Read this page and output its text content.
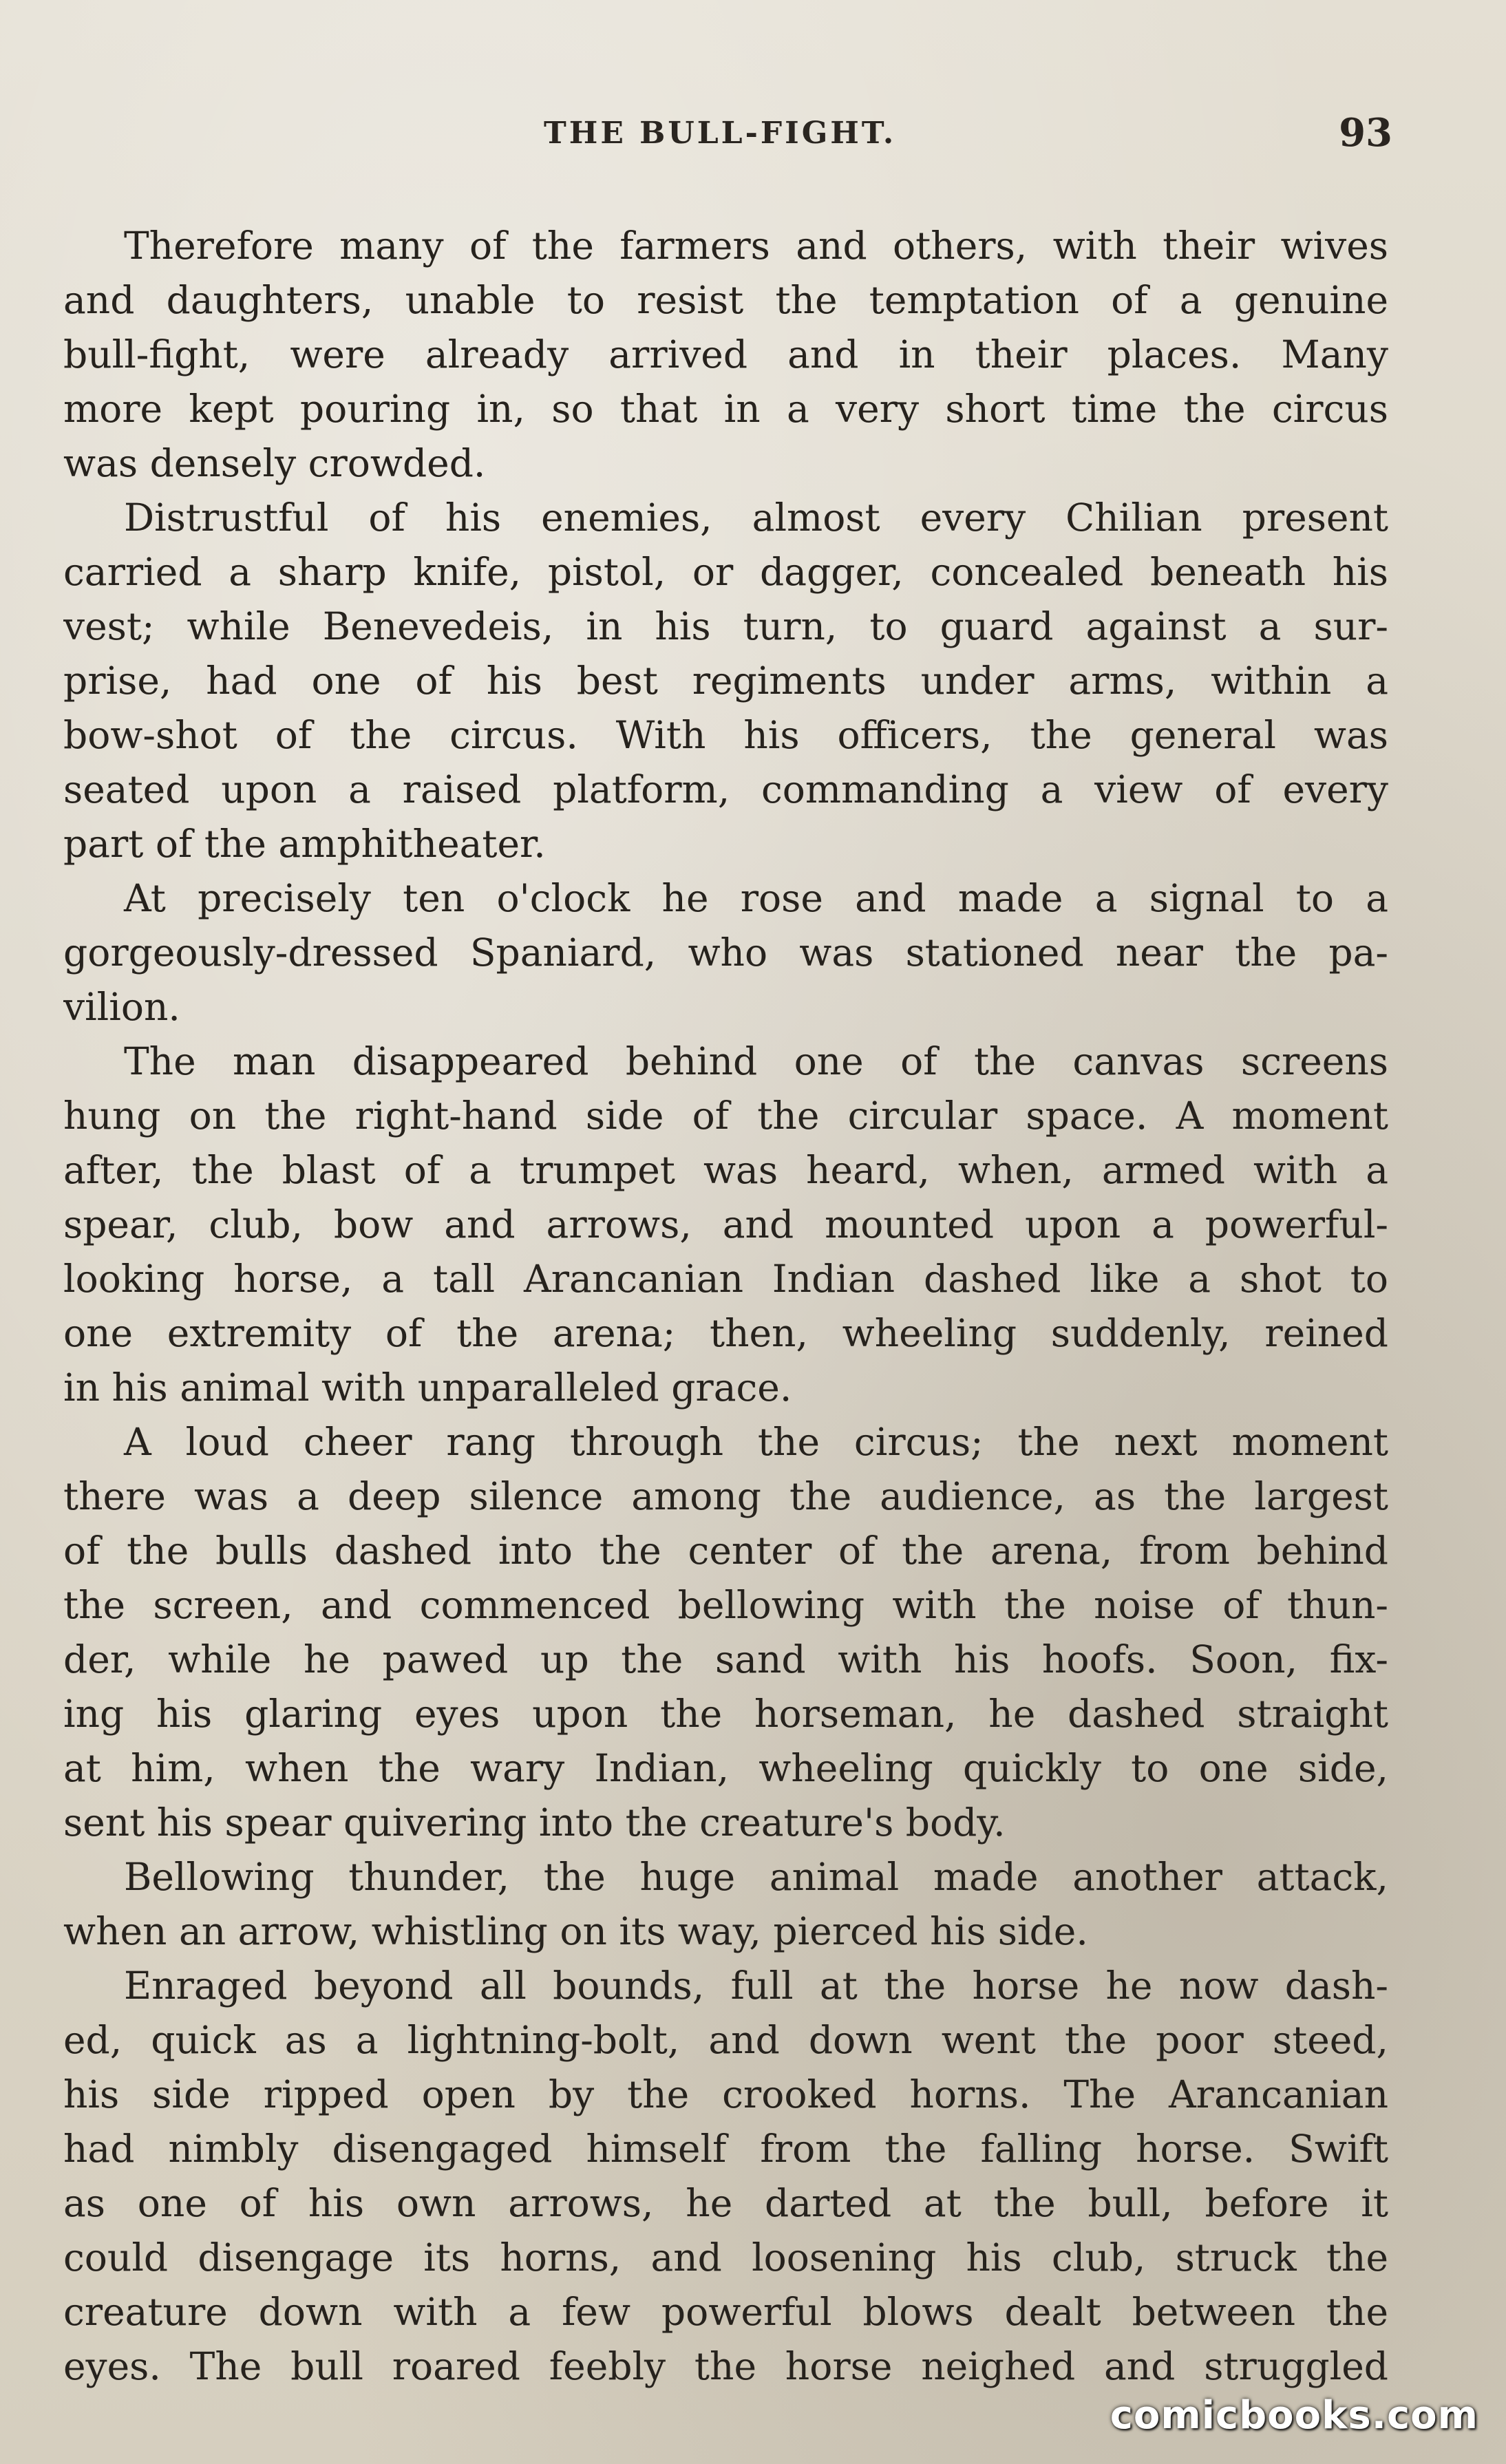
THE BULL-FIGHT.	93
Therefore many of the farmers and others, with their wives
and daughters, unable to resist the temptation of a genuine
bull-fight, were already arrived and in their places. Many
more kept pouring in, so that in a very short time the circus
was densely crowded.
Distrustful of his enemies, almost every Chilian present
carried a sharp knife, pistol, or dagger, concealed beneath his
vest; while Benevedeis, in his turn, to guard against a sur-
prise, had one of his best regiments under arms, within a
bow-shot of the circus. With his officers, the general was
seated upon a raised platform, commanding a view of every
part of the amphitheater.
At precisely ten o'clock he rose and made a signal to a
gorgeously-dressed Spaniard, who was stationed near the pa-
vilion.
The man disappeared behind one of the canvas screens
hung on the right-hand side of the circular space. A moment
after, the blast of a trumpet was heard, when, armed with a
spear, club, bow and arrows, and mounted upon a powerful-
looking horse, a tall Arancanian Indian dashed like a shot to
one extremity of the arena; then, wheeling suddenly, reined
in his animal with unparalleled grace.
A loud cheer rang through the circus; the next moment
there was a deep silence among the audience, as the largest
of the bulls dashed into the center of the arena, from behind
the screen, and commenced bellowing with the noise of thun-
der, while he pawed up the sand with his hoofs. Soon, fix-
ing his glaring eyes upon the horseman, he dashed straight
at him, when the wary Indian, wheeling quickly to one side,
sent his spear quivering into the creature's body.
Bellowing thunder, the huge animal made another attack,
when an arrow, whistling on its way, pierced his side.
Enraged beyond all bounds, full at the horse he now dash-
ed, quick as a lightning-bolt, and down went the poor steed,
his side ripped open by the crooked horns. The Arancanian
had nimbly disengaged himself from the falling horse. Swift
as one of his own arrows, he darted at the bull, before it
could disengage its horns, and loosening his club, struck the
creature down with a few powerful blows dealt between the
eyes. The bull roared feebly the horse neighed and struggled
comicbooks.com
